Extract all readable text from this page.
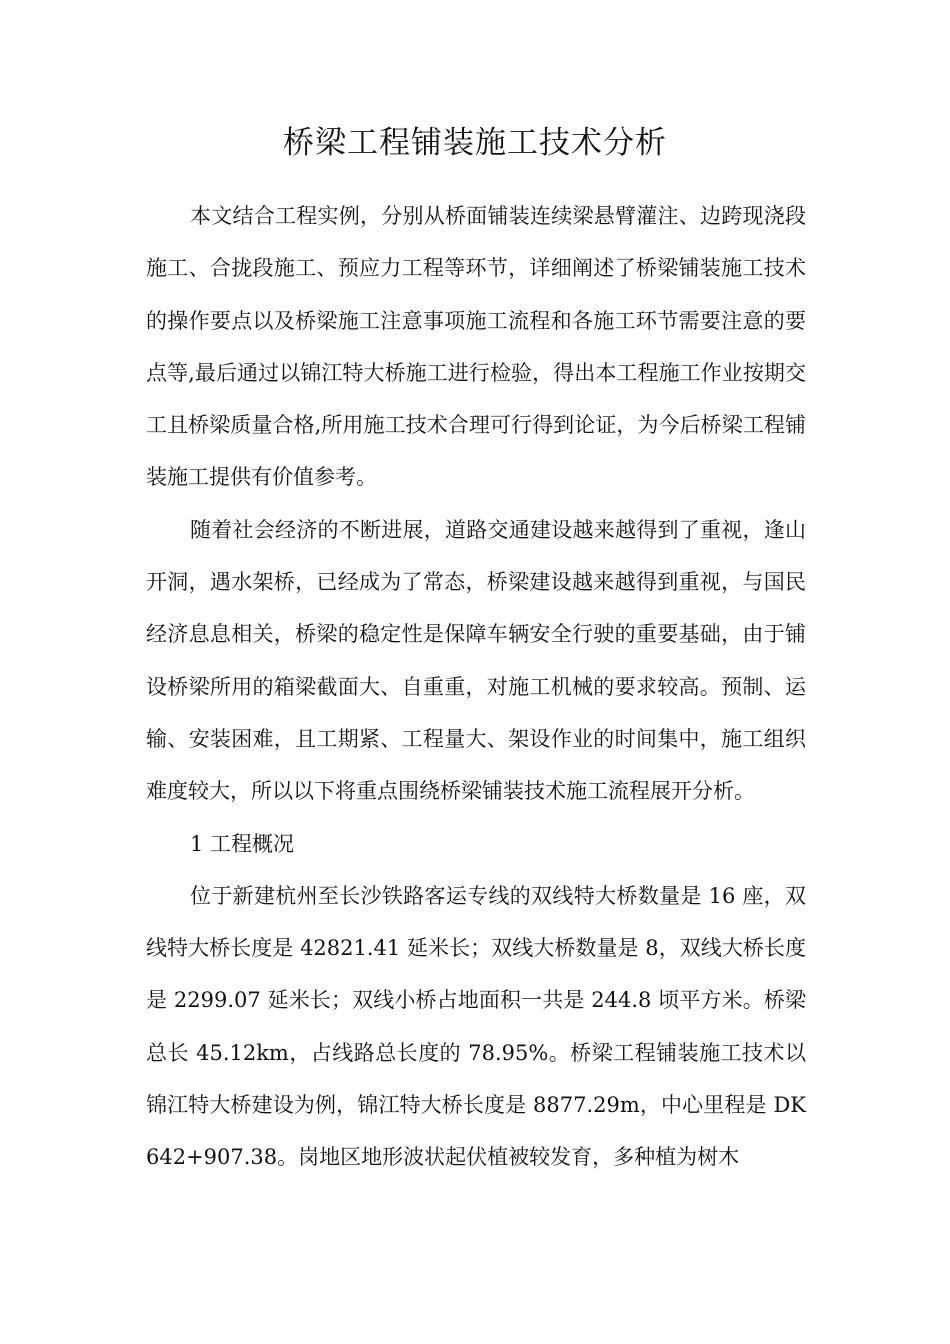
桥梁工程铺装施工技术分析

本文结合工程实例，分别从桥面铺装连续梁悬臂灌注、边跨现浇段施工、合拢段施工、预应力工程等环节，详细阐述了桥梁铺装施工技术的操作要点以及桥梁施工注意事项施工流程和各施工环节需要注意的要点等,最后通过以锦江特大桥施工进行检验，得出本工程施工作业按期交工且桥梁质量合格,所用施工技术合理可行得到论证，为今后桥梁工程铺装施工提供有价值参考。

随着社会经济的不断进展，道路交通建设越来越得到了重视，逢山开洞，遇水架桥，已经成为了常态，桥梁建设越来越得到重视，与国民经济息息相关，桥梁的稳定性是保障车辆安全行驶的重要基础，由于铺设桥梁所用的箱梁截面大、自重重，对施工机械的要求较高。预制、运输、安装困难，且工期紧、工程量大、架设作业的时间集中，施工组织难度较大，所以以下将重点围绕桥梁铺装技术施工流程展开分析。

1 工程概况

位于新建杭州至长沙铁路客运专线的双线特大桥数量是 16 座，双线特大桥长度是 42821.41 延米长；双线大桥数量是 8，双线大桥长度是 2299.07 延米长；双线小桥占地面积一共是 244.8 顷平方米。桥梁总长 45.12km，占线路总长度的 78.95%。桥梁工程铺装施工技术以锦江特大桥建设为例，锦江特大桥长度是 8877.29m，中心里程是 DK642+907.38。岗地区地形波状起伏植被较发育，多种植为树木
